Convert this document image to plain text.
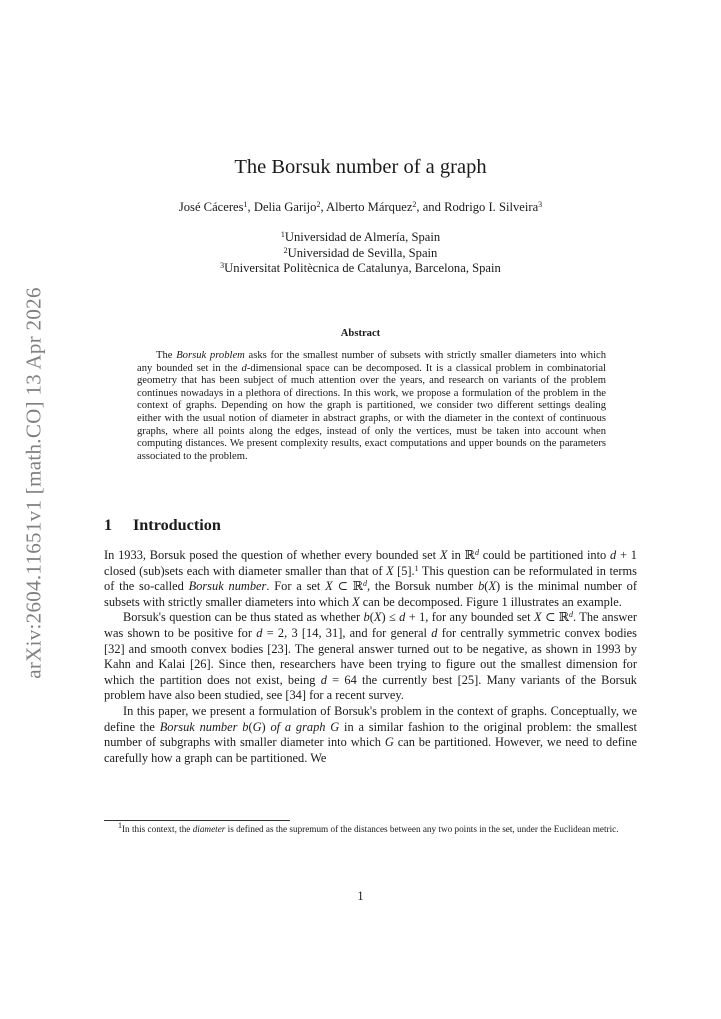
arXiv:2604.11651v1 [math.CO] 13 Apr 2026
The Borsuk number of a graph
José Cáceres$^1$, Delia Garijo$^2$, Alberto Márquez$^2$, and Rodrigo I. Silveira$^3$
$^1$Universidad de Almería, Spain
$^2$Universidad de Sevilla, Spain
$^3$Universitat Politècnica de Catalunya, Barcelona, Spain
Abstract

The Borsuk problem asks for the smallest number of subsets with strictly smaller diameters into which any bounded set in the d-dimensional space can be decomposed. It is a classical problem in combinatorial geometry that has been subject of much attention over the years, and research on variants of the problem continues nowadays in a plethora of directions. In this work, we propose a formulation of the problem in the context of graphs. Depending on how the graph is partitioned, we consider two different settings dealing either with the usual notion of diameter in abstract graphs, or with the diameter in the context of continuous graphs, where all points along the edges, instead of only the vertices, must be taken into account when computing distances. We present complexity results, exact computations and upper bounds on the parameters associated to the problem.

1 Introduction

In 1933, Borsuk posed the question of whether every bounded set X in ℝ$^d$ could be partitioned into d + 1 closed (sub)sets each with diameter smaller than that of X [5].$^1$ This question can be reformulated in terms of the so-called Borsuk number. For a set X ⊂ ℝ$^d$, the Borsuk number b(X) is the minimal number of subsets with strictly smaller diameters into which X can be decomposed. Figure 1 illustrates an example.

Borsuk's question can be thus stated as whether b(X) ≤ d + 1, for any bounded set X ⊂ ℝ$^d$. The answer was shown to be positive for d = 2, 3 [14, 31], and for general d for centrally symmetric convex bodies [32] and smooth convex bodies [23]. The general answer turned out to be negative, as shown in 1993 by Kahn and Kalai [26]. Since then, researchers have been trying to figure out the smallest dimension for which the partition does not exist, being d = 64 the currently best [25]. Many variants of the Borsuk problem have also been studied, see [34] for a recent survey.

In this paper, we present a formulation of Borsuk's problem in the context of graphs. Conceptually, we define the Borsuk number b(G) of a graph G in a similar fashion to the original problem: the smallest number of subgraphs with smaller diameter into which G can be partitioned. However, we need to define carefully how a graph can be partitioned. We

$^1$In this context, the diameter is defined as the supremum of the distances between any two points in the set, under the Euclidean metric.
1
